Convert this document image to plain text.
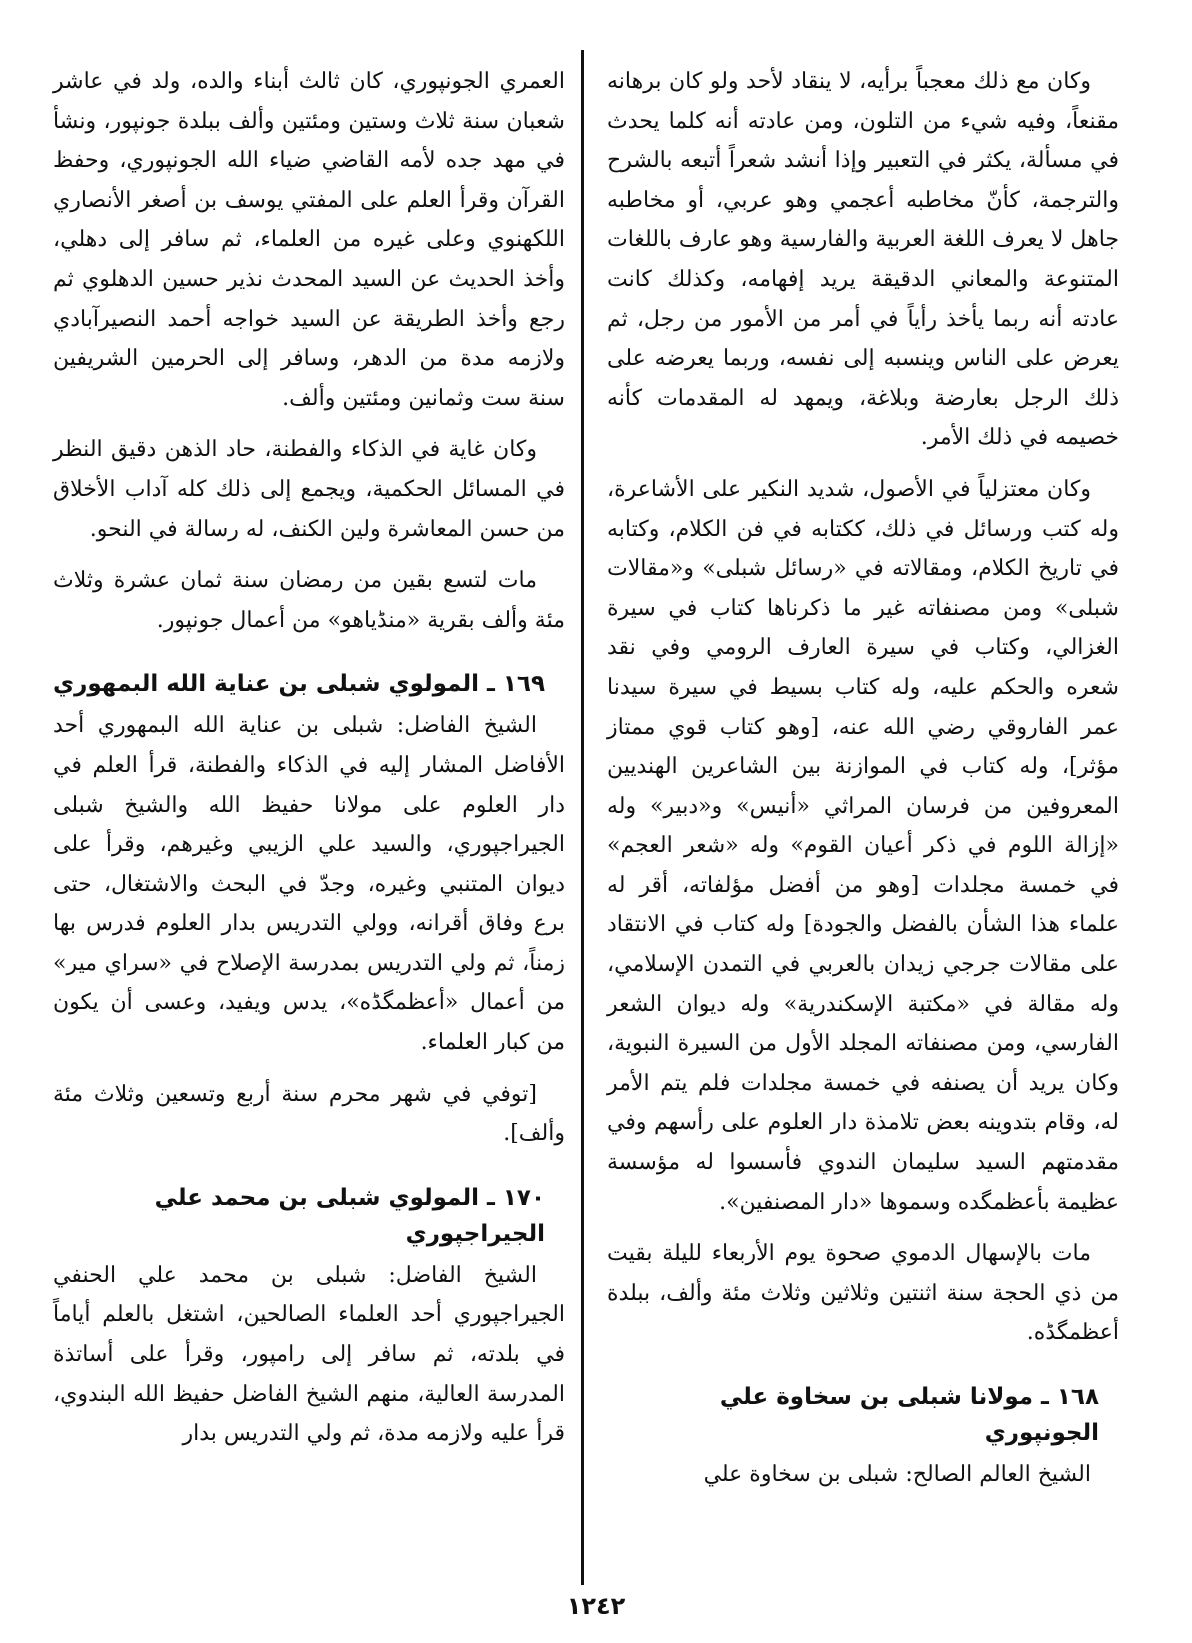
وكان مع ذلك معجباً برأيه، لا ينقاد لأحد ولو كان برهانه مقنعاً، وفيه شيء من التلون، ومن عادته أنه كلما يحدث في مسألة، يكثر في التعبير وإذا أنشد شعراً أتبعه بالشرح والترجمة، كأنّ مخاطبه أعجمي وهو عربي، أو مخاطبه جاهل لا يعرف اللغة العربية والفارسية وهو عارف باللغات المتنوعة والمعاني الدقيقة يريد إفهامه، وكذلك كانت عادته أنه ربما يأخذ رأياً في أمر من الأمور من رجل، ثم يعرض على الناس وينسبه إلى نفسه، وربما يعرضه على ذلك الرجل بعارضة وبلاغة، ويمهد له المقدمات كأنه خصيمه في ذلك الأمر.

وكان معتزلياً في الأصول، شديد النكير على الأشاعرة، وله كتب ورسائل في ذلك، ككتابه في فن الكلام، وكتابه في تاريخ الكلام، ومقالاته في «رسائل شبلى» و«مقالات شبلى» ومن مصنفاته غير ما ذكرناها كتاب في سيرة الغزالي، وكتاب في سيرة العارف الرومي وفي نقد شعره والحكم عليه، وله كتاب بسيط في سيرة سيدنا عمر الفاروقي رضي الله عنه، [وهو كتاب قوي ممتاز مؤثر]، وله كتاب في الموازنة بين الشاعرين الهنديين المعروفين من فرسان المراثي «أنيس» و«دبير» وله «إزالة اللوم في ذكر أعيان القوم» وله «شعر العجم» في خمسة مجلدات [وهو من أفضل مؤلفاته، أقر له علماء هذا الشأن بالفضل والجودة] وله كتاب في الانتقاد على مقالات جرجي زيدان بالعربي في التمدن الإسلامي، وله مقالة في «مكتبة الإسكندرية» وله ديوان الشعر الفارسي، ومن مصنفاته المجلد الأول من السيرة النبوية، وكان يريد أن يصنفه في خمسة مجلدات فلم يتم الأمر له، وقام بتدوينه بعض تلامذة دار العلوم على رأسهم وفي مقدمتهم السيد سليمان الندوي فأسسوا له مؤسسة عظيمة بأعظمگده وسموها «دار المصنفين».

مات بالإسهال الدموي صحوة يوم الأربعاء لليلة بقيت من ذي الحجة سنة اثنتين وثلاثين وثلاث مئة وألف، ببلدة أعظمگڈه.

١٦٨ ـ مولانا شبلى بن سخاوة علي الجونپوري

الشيخ العالم الصالح: شبلى بن سخاوة علي

العمري الجونپوري، كان ثالث أبناء والده، ولد في عاشر شعبان سنة ثلاث وستين ومئتين وألف ببلدة جونپور، ونشأ في مهد جده لأمه القاضي ضياء الله الجونپوري، وحفظ القرآن وقرأ العلم على المفتي يوسف بن أصغر الأنصاري اللكهنوي وعلى غيره من العلماء، ثم سافر إلى دهلي، وأخذ الحديث عن السيد المحدث نذير حسين الدهلوي ثم رجع وأخذ الطريقة عن السيد خواجه أحمد النصيرآبادي ولازمه مدة من الدهر، وسافر إلى الحرمين الشريفين سنة ست وثمانين ومئتين وألف.

وكان غاية في الذكاء والفطنة، حاد الذهن دقيق النظر في المسائل الحكمية، ويجمع إلى ذلك كله آداب الأخلاق من حسن المعاشرة ولين الكنف، له رسالة في النحو.

مات لتسع بقين من رمضان سنة ثمان عشرة وثلاث مئة وألف بقرية «منڈياهو» من أعمال جونپور.

١٦٩ ـ المولوي شبلى بن عناية الله البمهوري

الشيخ الفاضل: شبلى بن عناية الله البمهوري أحد الأفاضل المشار إليه في الذكاء والفطنة، قرأ العلم في دار العلوم على مولانا حفيظ الله والشيخ شبلى الجيراجپوري، والسيد علي الزيبي وغيرهم، وقرأ على ديوان المتنبي وغيره، وجدّ في البحث والاشتغال، حتى برع وفاق أقرانه، وولي التدريس بدار العلوم فدرس بها زمناً، ثم ولي التدريس بمدرسة الإصلاح في «سراي مير» من أعمال «أعظمگڈه»، يدس ويفيد، وعسى أن يكون من كبار العلماء.

[توفي في شهر محرم سنة أربع وتسعين وثلاث مئة وألف].

١٧٠ ـ المولوي شبلى بن محمد علي الجيراجپوري

الشيخ الفاضل: شبلى بن محمد علي الحنفي الجيراجپوري أحد العلماء الصالحين، اشتغل بالعلم أياماً في بلدته، ثم سافر إلى رامپور، وقرأ على أساتذة المدرسة العالية، منهم الشيخ الفاضل حفيظ الله البندوي، قرأ عليه ولازمه مدة، ثم ولي التدريس بدار

١٢٤٢
